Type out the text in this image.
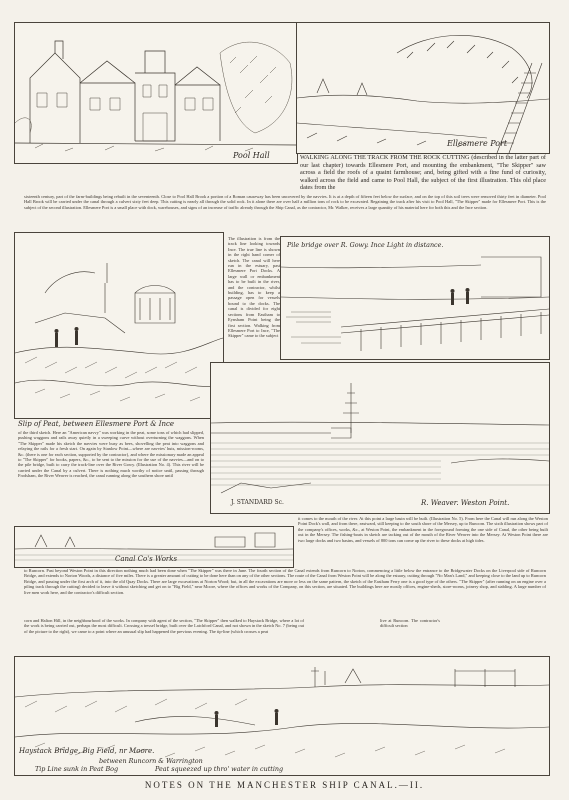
Pool Hall
Ellesmere Port
WALKING ALONG THE TRACK FROM THE ROCK CUTTING (described in the latter part of our last chapter) towards Ellesmere Port, and mounting the embankment, "The Skipper" saw across a field the roofs of a quaint farmhouse; and, being gifted with a fine fund of curiosity, walked across the field and came to Pool Hall, the subject of the first illustration. This old place dates from the
sixteenth century, part of the farm-buildings being rebuilt in the seventeenth. Close to Pool Hall Brook a portion of a Roman causeway has been uncovered by the navvies. It is at a depth of fifteen feet below the surface, and on the top of this soil trees were removed thirty feet in diameter. Pool Hall Brook will be carried under the canal through a culvert sixty feet deep. This cutting is nearly all through the solid rock. In it alone there are over half a million tons of rock to be excavated. Regaining the track after his visit to Pool Hall, "The Skipper" made for Ellesmere Port. This is the subject of the second illustration. Ellesmere Port is a small place with dock, warehouses, and signs of an increase of traffic already through the Ship Canal, as the contractor, Mr. Walker, receives a large quantity of his material here for both this and the Ince section.
The illustration is from the track line looking towards Ince. The true line is shown in the right hand corner of sketch. The canal will here run in the estuary, past Ellesmere Port Docks. A large wall or embankment has to be built in the river, and the contractor, whilst building, has to keep a passage open for vessels bound to the docks. The canal is divided for eight sections from Eastham to Eynsham Point being the first section. Walking from Ellesmere Port to Ince, "The Skipper" came to the subject
Pile bridge over R. Gowy. Ince Light in distance.
Slip of Peat, between Ellesmere Port & Ince
of the third sketch. Here an "American navvy" was working in the peat, some tons of which had slipped, pushing waggons and rails away quietly in a sweeping curve without overturning the waggons. When "The Skipper" made his sketch the navvies were busy as bees, shovelling the peat into waggons and relaying the rails for a fresh start. On again by Stanlow Point—where are navvies' huts, mission-rooms, &c. (there is one for each section, supported by the contractor), and where the missionary made an appeal to "The Skipper" for books, papers, &c., to be sent to the mission for the use of the navvies—and on to the pile bridge, built to carry the track-line over the River Gowy. (Illustration No. 4). This river will be carried under the Canal by a culvert. There is nothing much worthy of notice until, passing through Frodsham, the River Weaver is reached, the canal running along the southern shore until
J. STANDARD Sc.	R. Weaver. Weston Point.
Canal Co's Works
it comes to the mouth of the river. At this point a large basin will be built. (Illustration No. 5). From here the Canal will run along the Weston Point Dock's wall, and from there, eastward, still keeping to the south shore of the Mersey, up to Runcorn. The sixth illustration shows part of the company's offices, works, &c., at Weston Point, the embankment in the foreground forming the one side of Canal, the other being built out in the Mersey. The fishing-boats in sketch are tacking out of the mouth of the River Weaver into the Mersey. At Weston Point there are two large docks and two basins, and vessels of 800 tons can come up the river to these docks at high tides.
to Runcorn. Past beyond Weston Point in this direction nothing much had been done when "The Skipper" was there in June. The fourth section of the Canal extends from Runcorn to Norton, commencing a little below the entrance to the Bridgewater Docks on the Liverpool side of Runcorn Bridge, and extends to Norton Woods, a distance of five miles. There is a greater amount of cutting to be done here than on any of the other sections. The route of the Canal from Weston Point will be along the estuary, cutting through "No Man's Land," and keeping close to the land up to Runcorn Bridge, and passing under the first arch of it, into the old Quay Docks. There are large excavations at Norton Wood; but, in all the excavations are more or less on the same pattern, the sketch of the Eastham Ferry one is a good type of the others. "The Skipper" (after running on an engine over a piling track through the cutting) decided to leave it without sketching and get on to "Big Field," near Moore, where the offices and works of the Company, on this section, are situated. The buildings here are mostly offices, engine-sheds, store-rooms, joinery shop, and stabling. A large number of live men work here, and the contractor's difficult section.
corn and Halton Hill, in the neighbourhood of the works. In company with agent of the section, "The Skipper" then walked to Haystack Bridge, where a lot of the work is being carried out, perhaps the most difficult. Crossing a tressel bridge, built over the Latchford Canal, and not shown in the sketch No. 7 (being out of the picture to the right), we came to a point where an unusual slip had happened the previous evening. The tip-line (which crosses a peat
Haystack Bridge, Big Field, nr Moore.
between Runcorn & Warrington
Tip Line sunk in Peat Bog	Peat squeezed up thro' water in cutting
live at Runcorn. The contractor's difficult section
NOTES ON THE MANCHESTER SHIP CANAL.—II.
